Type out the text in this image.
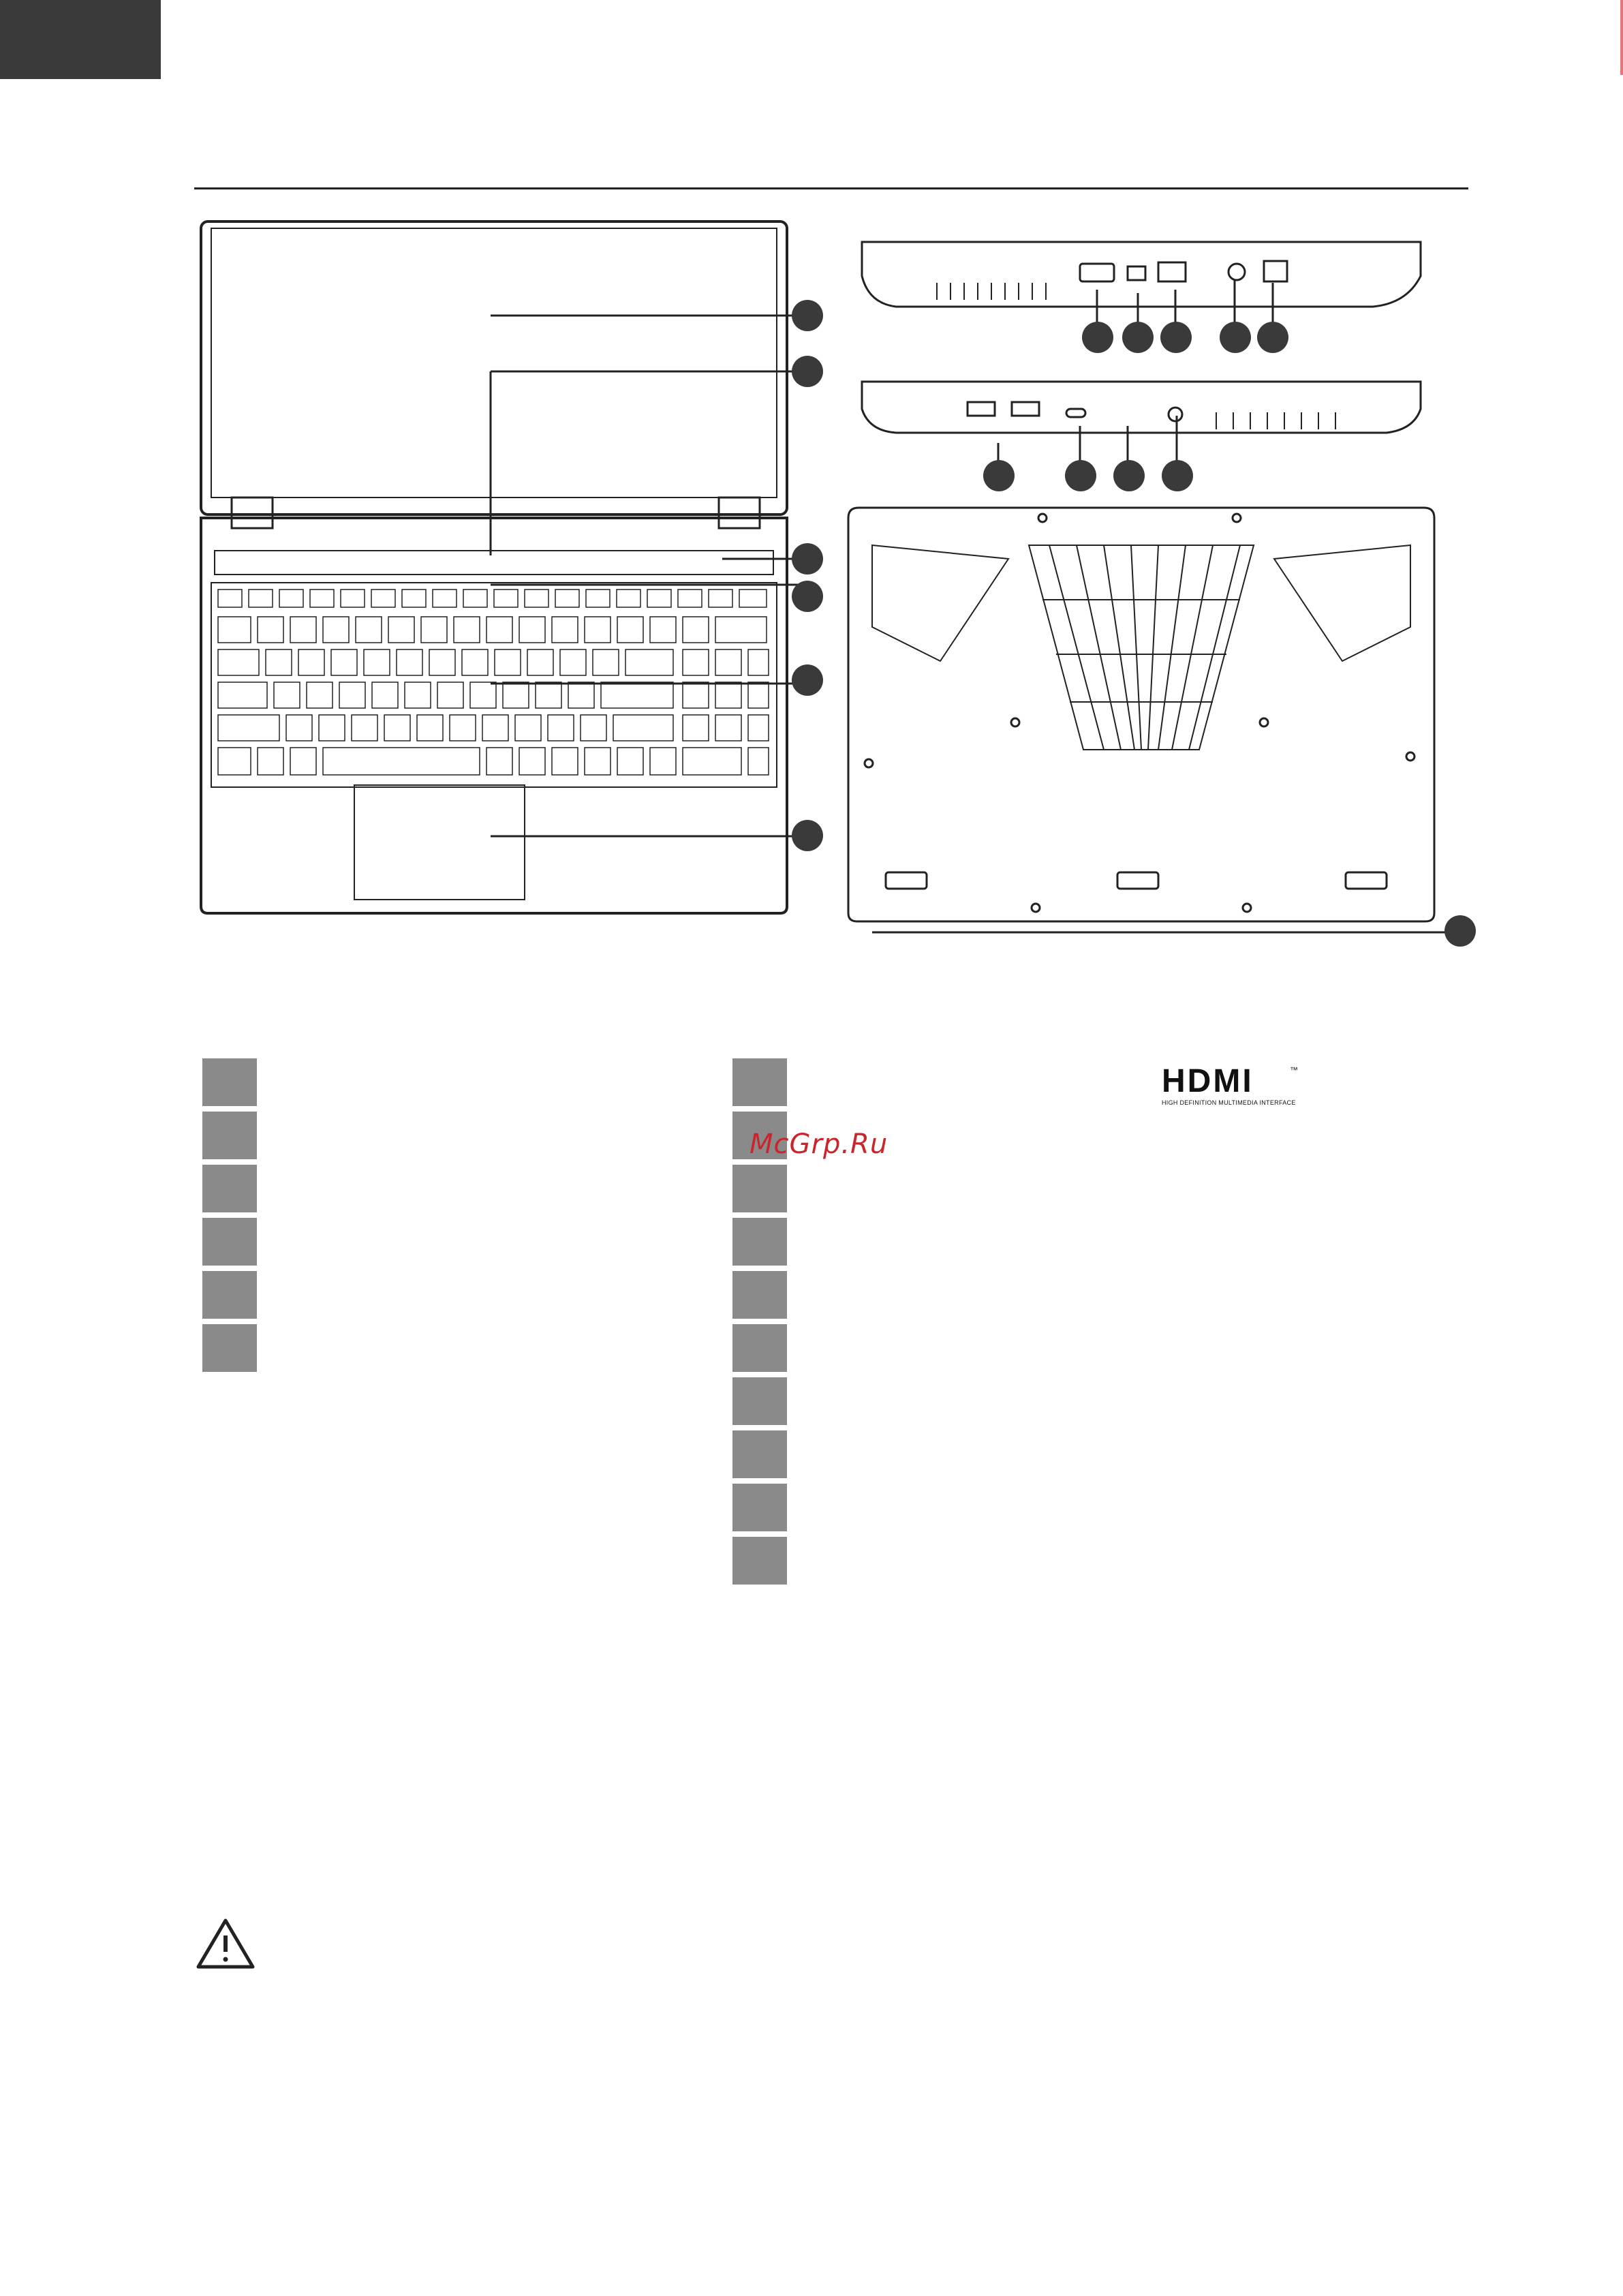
HDMI	™
HIGH DEFINITION MULTIMEDIA INTERFACE
McGrp.Ru
